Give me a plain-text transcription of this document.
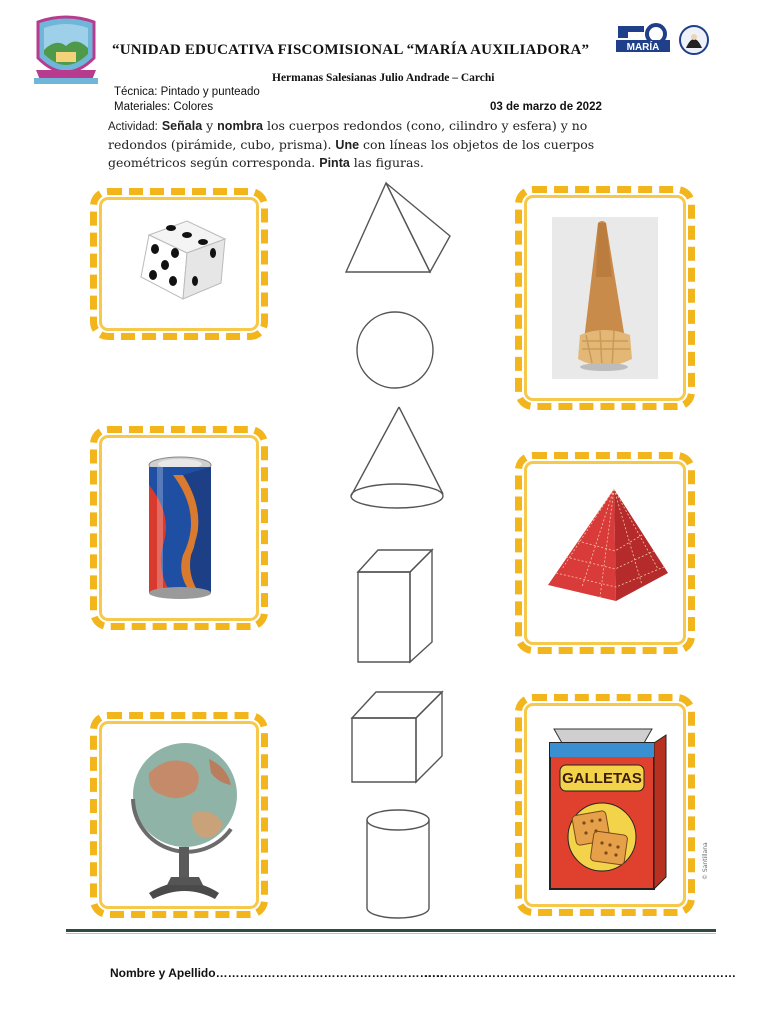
“UNIDAD EDUCATIVA FISCOMISIONAL “MARÍA AUXILIADORA”	MARÍA
Hermanas Salesianas Julio Andrade – Carchi
Técnica: Pintado y punteado
Materiales: Colores	03 de marzo de 2022
Actividad: Señala y nombra los cuerpos redondos (cono, cilindro y esfera) y no redondos (pirámide, cubo, prisma). Une con líneas los objetos de los cuerpos geométricos según corresponda. Pinta las figuras.
GALLETAS
© Santillana
Nombre y Apellido…………………………………………………
……………………………………………………………………
